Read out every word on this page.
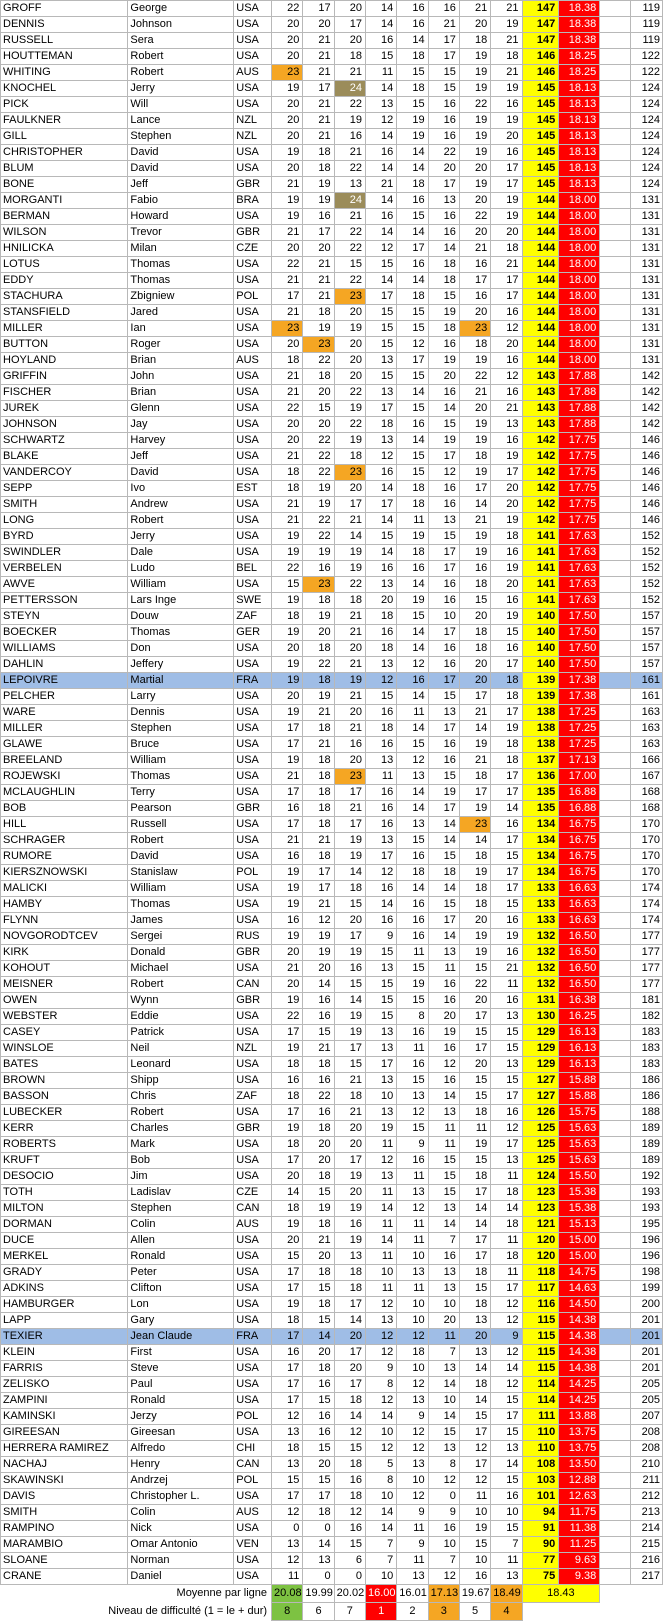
GROFF	George	USA	22	17	20	14	16	16	21	21	147	18.38		119
DENNIS	Johnson	USA	20	20	17	14	16	21	20	19	147	18.38		119
RUSSELL	Sera	USA	20	21	20	16	14	17	18	21	147	18.38		119
HOUTTEMAN	Robert	USA	20	21	18	15	18	17	19	18	146	18.25		122
WHITING	Robert	AUS	23	21	21	11	15	15	19	21	146	18.25		122
KNOCHEL	Jerry	USA	19	17	24	14	18	15	19	19	145	18.13		124
PICK	Will	USA	20	21	22	13	15	16	22	16	145	18.13		124
FAULKNER	Lance	NZL	20	21	19	12	19	16	19	19	145	18.13		124
GILL	Stephen	NZL	20	21	16	14	19	16	19	20	145	18.13		124
CHRISTOPHER	David	USA	19	18	21	16	14	22	19	16	145	18.13		124
BLUM	David	USA	20	18	22	14	14	20	20	17	145	18.13		124
BONE	Jeff	GBR	21	19	13	21	18	17	19	17	145	18.13		124
MORGANTI	Fabio	BRA	19	19	24	14	16	13	20	19	144	18.00		131
BERMAN	Howard	USA	19	16	21	16	15	16	22	19	144	18.00		131
WILSON	Trevor	GBR	21	17	22	14	14	16	20	20	144	18.00		131
HNILICKA	Milan	CZE	20	20	22	12	17	14	21	18	144	18.00		131
LOTUS	Thomas	USA	22	21	15	15	16	18	16	21	144	18.00		131
EDDY	Thomas	USA	21	21	22	14	14	18	17	17	144	18.00		131
STACHURA	Zbigniew	POL	17	21	23	17	18	15	16	17	144	18.00		131
STANSFIELD	Jared	USA	21	18	20	15	15	19	20	16	144	18.00		131
MILLER	Ian	USA	23	19	19	15	15	18	23	12	144	18.00		131
BUTTON	Roger	USA	20	23	20	15	12	16	18	20	144	18.00		131
HOYLAND	Brian	AUS	18	22	20	13	17	19	19	16	144	18.00		131
GRIFFIN	John	USA	21	18	20	15	15	20	22	12	143	17.88		142
FISCHER	Brian	USA	21	20	22	13	14	16	21	16	143	17.88		142
JUREK	Glenn	USA	22	15	19	17	15	14	20	21	143	17.88		142
JOHNSON	Jay	USA	20	20	22	18	16	15	19	13	143	17.88		142
SCHWARTZ	Harvey	USA	20	22	19	13	14	19	19	16	142	17.75		146
BLAKE	Jeff	USA	21	22	18	12	15	17	18	19	142	17.75		146
VANDERCOY	David	USA	18	22	23	16	15	12	19	17	142	17.75		146
SEPP	Ivo	EST	18	19	20	14	18	16	17	20	142	17.75		146
SMITH	Andrew	USA	21	19	17	17	18	16	14	20	142	17.75		146
LONG	Robert	USA	21	22	21	14	11	13	21	19	142	17.75		146
BYRD	Jerry	USA	19	22	14	15	19	15	19	18	141	17.63		152
SWINDLER	Dale	USA	19	19	19	14	18	17	19	16	141	17.63		152
VERBELEN	Ludo	BEL	22	16	19	16	16	17	16	19	141	17.63		152
AWVE	William	USA	15	23	22	13	14	16	18	20	141	17.63		152
PETTERSSON	Lars Inge	SWE	19	18	18	20	19	16	15	16	141	17.63		152
STEYN	Douw	ZAF	18	19	21	18	15	10	20	19	140	17.50		157
BOECKER	Thomas	GER	19	20	21	16	14	17	18	15	140	17.50		157
WILLIAMS	Don	USA	20	18	20	18	14	16	18	16	140	17.50		157
DAHLIN	Jeffery	USA	19	22	21	13	12	16	20	17	140	17.50		157
LEPOIVRE	Martial	FRA	19	18	19	12	16	17	20	18	139	17.38		161
PELCHER	Larry	USA	20	19	21	15	14	15	17	18	139	17.38		161
WARE	Dennis	USA	19	21	20	16	11	13	21	17	138	17.25		163
MILLER	Stephen	USA	17	18	21	18	14	17	14	19	138	17.25		163
GLAWE	Bruce	USA	17	21	16	16	15	16	19	18	138	17.25		163
BREELAND	William	USA	19	18	20	13	12	16	21	18	137	17.13		166
ROJEWSKI	Thomas	USA	21	18	23	11	13	15	18	17	136	17.00		167
MCLAUGHLIN	Terry	USA	17	18	17	16	14	19	17	17	135	16.88		168
BOB	Pearson	GBR	16	18	21	16	14	17	19	14	135	16.88		168
HILL	Russell	USA	17	18	17	16	13	14	23	16	134	16.75		170
SCHRAGER	Robert	USA	21	21	19	13	15	14	14	17	134	16.75		170
RUMORE	David	USA	16	18	19	17	16	15	18	15	134	16.75		170
KIERSZNOWSKI	Stanislaw	POL	19	17	14	12	18	18	19	17	134	16.75		170
MALICKI	William	USA	19	17	18	16	14	14	18	17	133	16.63		174
HAMBY	Thomas	USA	19	21	15	14	16	15	18	15	133	16.63		174
FLYNN	James	USA	16	12	20	16	16	17	20	16	133	16.63		174
NOVGORODTCEV	Sergei	RUS	19	19	17	9	16	14	19	19	132	16.50		177
KIRK	Donald	GBR	20	19	19	15	11	13	19	16	132	16.50		177
KOHOUT	Michael	USA	21	20	16	13	15	11	15	21	132	16.50		177
MEISNER	Robert	CAN	20	14	15	15	19	16	22	11	132	16.50		177
OWEN	Wynn	GBR	19	16	14	15	15	16	20	16	131	16.38		181
WEBSTER	Eddie	USA	22	16	19	15	8	20	17	13	130	16.25		182
CASEY	Patrick	USA	17	15	19	13	16	19	15	15	129	16.13		183
WINSLOE	Neil	NZL	19	21	17	13	11	16	17	15	129	16.13		183
BATES	Leonard	USA	18	18	15	17	16	12	20	13	129	16.13		183
BROWN	Shipp	USA	16	16	21	13	15	16	15	15	127	15.88		186
BASSON	Chris	ZAF	18	22	18	10	13	14	15	17	127	15.88		186
LUBECKER	Robert	USA	17	16	21	13	12	13	18	16	126	15.75		188
KERR	Charles	GBR	19	18	20	19	15	11	11	12	125	15.63		189
ROBERTS	Mark	USA	18	20	20	11	9	11	19	17	125	15.63		189
KRUFT	Bob	USA	17	20	17	12	16	15	15	13	125	15.63		189
DESOCIO	Jim	USA	20	18	19	13	11	15	18	11	124	15.50		192
TOTH	Ladislav	CZE	14	15	20	11	13	15	17	18	123	15.38		193
MILTON	Stephen	CAN	18	19	19	14	12	13	14	14	123	15.38		193
DORMAN	Colin	AUS	19	18	16	11	11	14	14	18	121	15.13		195
DUCE	Allen	USA	20	21	19	14	11	7	17	11	120	15.00		196
MERKEL	Ronald	USA	15	20	13	11	10	16	17	18	120	15.00		196
GRADY	Peter	USA	17	18	18	10	13	13	18	11	118	14.75		198
ADKINS	Clifton	USA	17	15	18	11	11	13	15	17	117	14.63		199
HAMBURGER	Lon	USA	19	18	17	12	10	10	18	12	116	14.50		200
LAPP	Gary	USA	18	15	14	13	10	20	13	12	115	14.38		201
TEXIER	Jean Claude	FRA	17	14	20	12	12	11	20	9	115	14.38		201
KLEIN	First	USA	16	20	17	12	18	7	13	12	115	14.38		201
FARRIS	Steve	USA	17	18	20	9	10	13	14	14	115	14.38		201
ZELISKO	Paul	USA	17	16	17	8	12	14	18	12	114	14.25		205
ZAMPINI	Ronald	USA	17	15	18	12	13	10	14	15	114	14.25		205
KAMINSKI	Jerzy	POL	12	16	14	14	9	14	15	17	111	13.88		207
GIREESAN	Gireesan	USA	13	16	12	10	12	15	17	15	110	13.75		208
HERRERA RAMIREZ	Alfredo	CHI	18	15	15	12	12	13	12	13	110	13.75		208
NACHAJ	Henry	CAN	13	20	18	5	13	8	17	14	108	13.50		210
SKAWINSKI	Andrzej	POL	15	15	16	8	10	12	12	15	103	12.88		211
DAVIS	Christopher L.	USA	17	17	18	10	12	0	11	16	101	12.63		212
SMITH	Colin	AUS	12	18	12	14	9	9	10	10	94	11.75		213
RAMPINO	Nick	USA	0	0	16	14	11	16	19	15	91	11.38		214
MARAMBIO	Omar Antonio	VEN	13	14	15	7	9	10	15	7	90	11.25		215
SLOANE	Norman	USA	12	13	6	7	11	7	10	11	77	9.63		216
CRANE	Daniel	USA	11	0	0	10	13	12	16	13	75	9.38		217
Moyenne par ligne			20.08	19.99	20.02	16.00	16.01	17.13	19.67	18.49	18.43			
Niveau de difficulté (1 = le + dur)			8	6	7	1	2	3	5	4				
